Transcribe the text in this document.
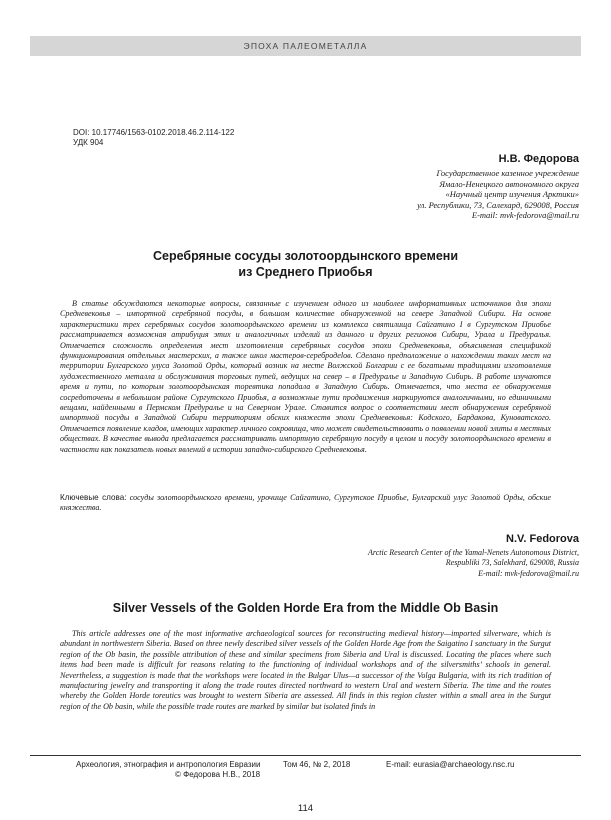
ЭПОХА ПАЛЕОМЕТАЛЛА
DOI: 10.17746/1563-0102.2018.46.2.114-122
УДК 904
Н.В. Федорова
Государственное казенное учреждение
Ямало-Ненецкого автономного округа
«Научный центр изучения Арктики»
ул. Республики, 73, Салехард, 629008, Россия
E-mail: mvk-fedorova@mail.ru
Серебряные сосуды золотоордынского времени
из Среднего Приобья

В статье обсуждаются некоторые вопросы, связанные с изучением одного из наиболее информативных источников для эпохи Средневековья – импортной серебряной посуды, в большом количестве обнаруженной на севере Западной Сибири. На основе характеристики трех серебряных сосудов золотоордынского времени из комплекса святилища Сайгатино I в Сургутском Приобье рассматривается возможная атрибуция этих и аналогичных изделий из данного и других регионов Сибири, Урала и Предуралья. Отмечается сложность определения мест изготовления серебряных сосудов эпохи Средневековья, объясняемая спецификой функционирования отдельных мастерских, а также школ мастеров-серебродelов. Сделано предположение о нахождении таких мест на территории Булгарского улуса Золотой Орды, который возник на месте Волжской Болгарии с ее богатыми традициями изготовления художественного металла и обслуживания торговых путей, ведущих на север – в Предуралье и Западную Сибирь. В работе изучаются время и пути, по которым золотоордынская торевтика попадала в Западную Сибирь. Отмечается, что места ее обнаружения сосредоточены в небольшом районе Сургутского Приобья, а возможные пути продвижения маркируются аналогичными, но единичными вещами, найденными в Пермском Предуралье и на Северном Урале. Ставится вопрос о соответствии мест обнаружения серебряной импортной посуды в Западной Сибири территориям обских княжеств эпохи Средневековья: Кодского, Бардакова, Куноватского. Отмечается появление кладов, имеющих характер личного сокровища, что может свидетельствовать о появлении новой элиты в местных обществах. В качестве вывода предлагается рассматривать импортную серебряную посуду в целом и посуду золотоордынского времени в частности как показатель новых явлений в истории западно-сибирского Средневековья.

Ключевые слова: сосуды золотоордынского времени, урочище Сайгатино, Сургутское Приобье, Булгарский улус Золотой Орды, обские княжества.
N.V. Fedorova
Arctic Research Center of the Yamal-Nenets Autonomous District,
Respubliki 73, Salekhard, 629008, Russia
E-mail: mvk-fedorova@mail.ru
Silver Vessels of the Golden Horde Era from the Middle Ob Basin

This article addresses one of the most informative archaeological sources for reconstructing medieval history—imported silverware, which is abundant in northwestern Siberia. Based on three newly described silver vessels of the Golden Horde Age from the Saigatino I sanctuary in the Surgut region of the Ob basin, the possible attribution of these and similar specimens from Siberia and Ural is discussed. Locating the places where such items had been made is difficult for reasons relating to the functioning of individual workshops and of the silversmiths’ schools in general. Nevertheless, a suggestion is made that the workshops were located in the Bulgar Ulus—a successor of the Volga Bulgaria, with its rich tradition of manufacturing jewelry and transporting it along the trade routes directed northward to western Ural and western Siberia. The time and the routes whereby the Golden Horde toreutics was brought to western Siberia are assessed. All finds in this region cluster within a small area in the Surgut region of the Ob basin, while the possible trade routes are marked by similar but isolated finds in

Археология, этнография и антропология Евразии	Том 46, № 2, 2018	E-mail: eurasia@archaeology.nsc.ru
© Федорова Н.В., 2018
114
